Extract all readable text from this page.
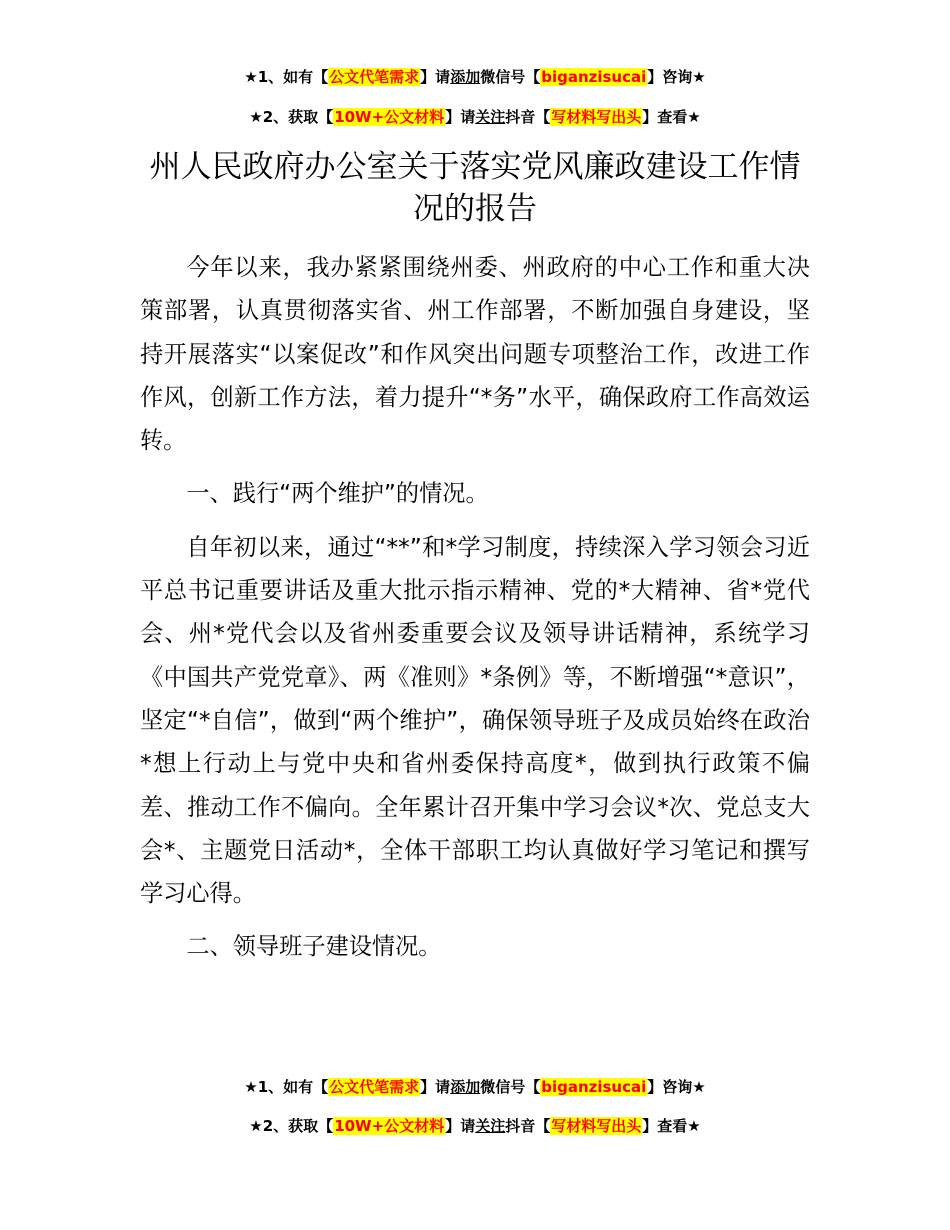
★1、如有【公文代笔需求】请添加微信号【biganzisucai】咨询★
★2、获取【10W+公文材料】请关注抖音【写材料写出头】查看★
州人民政府办公室关于落实党风廉政建设工作情况的报告

今年以来，我办紧紧围绕州委、州政府的中心工作和重大决策部署，认真贯彻落实省、州工作部署，不断加强自身建设，坚持开展落实“以案促改”和作风突出问题专项整治工作，改进工作作风，创新工作方法，着力提升“*务”水平，确保政府工作高效运转。

一、践行“两个维护”的情况。

自年初以来，通过“**”和*学习制度，持续深入学习领会习近平总书记重要讲话及重大批示指示精神、党的*大精神、省*党代会、州*党代会以及省州委重要会议及领导讲话精神，系统学习《中国共产党党章》、两《准则》*条例》等，不断增强“*意识”，坚定“*自信”，做到“两个维护”，确保领导班子及成员始终在政治*想上行动上与党中央和省州委保持高度*，做到执行政策不偏差、推动工作不偏向。全年累计召开集中学习会议*次、党总支大会*、主题党日活动*，全体干部职工均认真做好学习笔记和撰写学习心得。

二、领导班子建设情况。

★1、如有【公文代笔需求】请添加微信号【biganzisucai】咨询★
★2、获取【10W+公文材料】请关注抖音【写材料写出头】查看★
